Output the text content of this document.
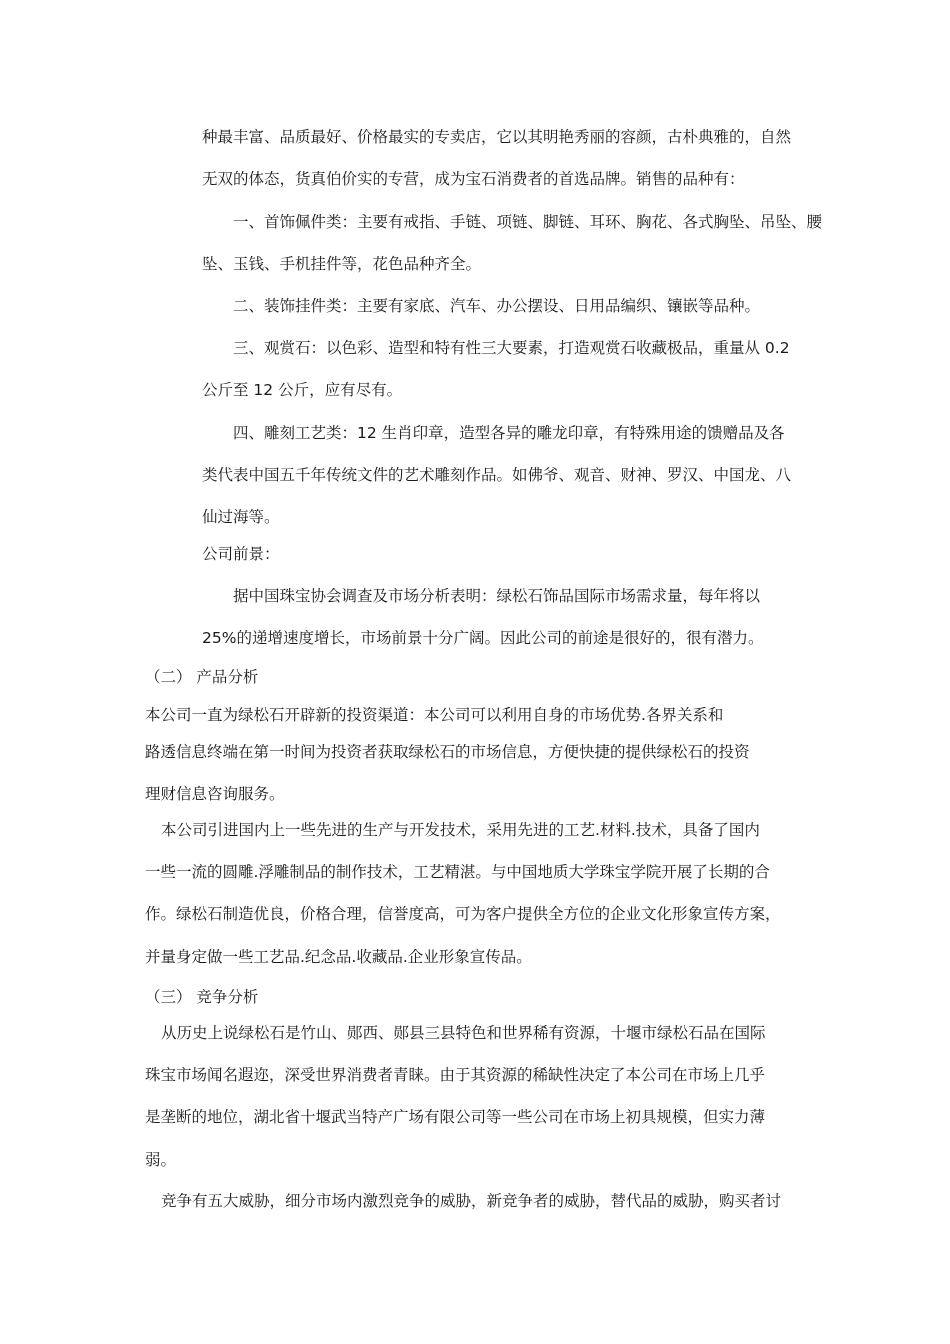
种最丰富、品质最好、价格最实的专卖店，它以其明艳秀丽的容颜，古朴典雅的，自然
无双的体态，货真伯价实的专营，成为宝石消费者的首选品牌。销售的品种有：
一、首饰佩件类：主要有戒指、手链、项链、脚链、耳环、胸花、各式胸坠、吊坠、腰
坠、玉钱、手机挂件等，花色品种齐全。
二、装饰挂件类：主要有家底、汽车、办公摆设、日用品编织、镶嵌等品种。
三、观赏石：以色彩、造型和特有性三大要素，打造观赏石收藏极品，重量从 0.2
公斤至 12 公斤，应有尽有。
四、雕刻工艺类：12 生肖印章，造型各异的雕龙印章，有特殊用途的馈赠品及各
类代表中国五千年传统文件的艺术雕刻作品。如佛爷、观音、财神、罗汉、中国龙、八
仙过海等。
公司前景：
据中国珠宝协会调查及市场分析表明：绿松石饰品国际市场需求量，每年将以
25%的递增速度增长，市场前景十分广阔。因此公司的前途是很好的，很有潜力。
（二） 产品分析
本公司一直为绿松石开辟新的投资渠道：本公司可以利用自身的市场优势.各界关系和
路透信息终端在第一时间为投资者获取绿松石的市场信息，方便快捷的提供绿松石的投资
理财信息咨询服务。
本公司引进国内上一些先进的生产与开发技术，采用先进的工艺.材料.技术，具备了国内
一些一流的圆雕.浮雕制品的制作技术，工艺精湛。与中国地质大学珠宝学院开展了长期的合
作。绿松石制造优良，价格合理，信誉度高，可为客户提供全方位的企业文化形象宣传方案，
并量身定做一些工艺品.纪念品.收藏品.企业形象宣传品。
（三） 竞争分析
从历史上说绿松石是竹山、郧西、郧县三县特色和世界稀有资源，十堰市绿松石品在国际
珠宝市场闻名遐迩，深受世界消费者青睐。由于其资源的稀缺性决定了本公司在市场上几乎
是垄断的地位，湖北省十堰武当特产广场有限公司等一些公司在市场上初具规模，但实力薄
弱。
竞争有五大威胁，细分市场内激烈竞争的威胁，新竞争者的威胁，替代品的威胁，购买者讨
